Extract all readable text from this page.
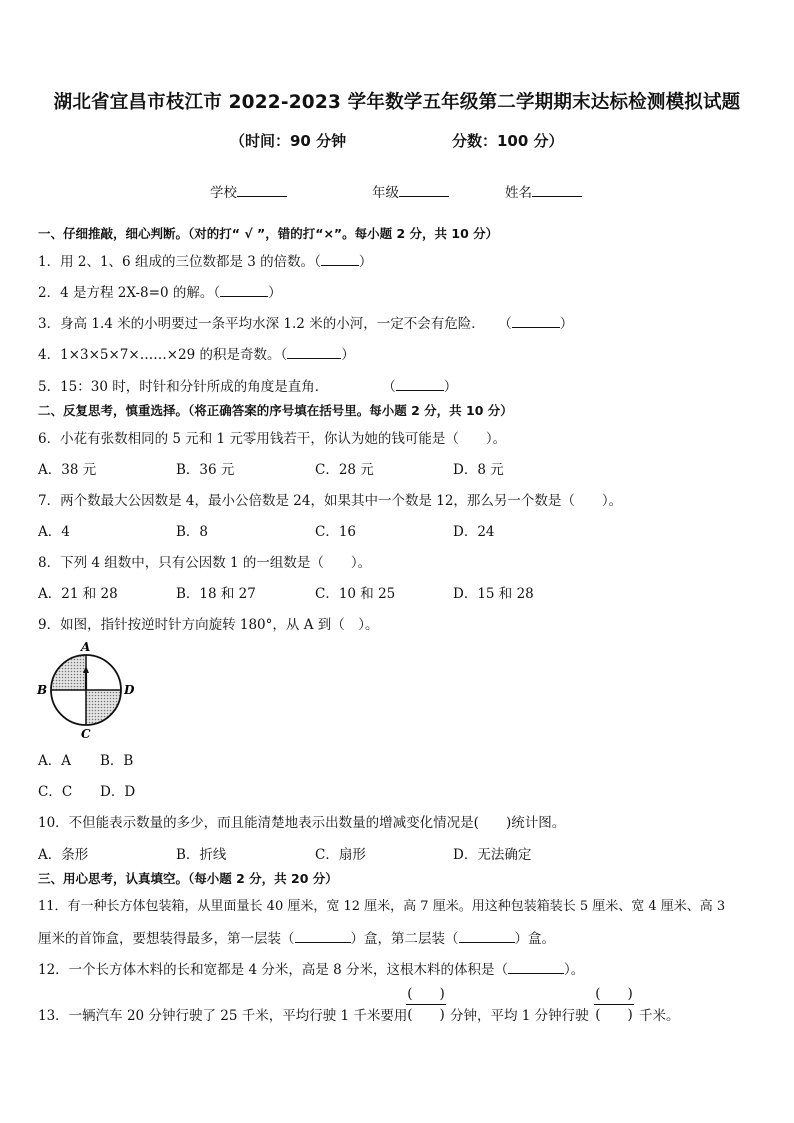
湖北省宜昌市枝江市 2022-2023 学年数学五年级第二学期期末达标检测模拟试题
（时间：90 分钟	分数：100 分）
学校	年级	姓名
一、仔细推敲，细心判断。（对的打“ √ ”，错的打“×”。每小题 2 分，共 10 分）
1．用 2、1、6 组成的三位数都是 3 的倍数。（	）
2．4 是方程 2X-8=0 的解。（	）
3．身高 1.4 米的小明要过一条平均水深 1.2 米的小河，一定不会有危险．　　（	）
4．1×3×5×7×……×29 的积是奇数。（	）
5．15：30 时，时针和分针所成的角度是直角．　　　　　（	）
二、反复思考，慎重选择。（将正确答案的序号填在括号里。每小题 2 分，共 10 分）
6．小花有张数相同的 5 元和 1 元零用钱若干，你认为她的钱可能是（　　）。
A．38 元	B．36 元	C．28 元	D．8 元
7．两个数最大公因数是 4，最小公倍数是 24，如果其中一个数是 12，那么另一个数是（　　）。
A．4	B．8	C．16	D．24
8．下列 4 组数中，只有公因数 1 的一组数是（　　）。
A．21 和 28	B．18 和 27	C．10 和 25	D．15 和 28
9．如图，指针按逆时针方向旋转 180°，从 A 到（　）。
A
B
C
D
A．A B．B
C．C D．D
10．不但能表示数量的多少，而且能清楚地表示出数量的增减变化情况是(　　)统计图。
A．条形	B．折线	C．扇形	D．无法确定
三、用心思考，认真填空。（每小题 2 分，共 20 分）
11．有一种长方体包装箱，从里面量长 40 厘米，宽 12 厘米，高 7 厘米。用这种包装箱装长 5 厘米、宽 4 厘米、高 3
厘米的首饰盒，要想装得最多，第一层装（	）盒，第二层装（	）盒。
12．一个长方体木料的长和宽都是 4 分米，高是 8 分米，这根木料的体积是（	）。
13．一辆汽车 20 分钟行驶了 25 千米，平均行驶 1 千米要用
(　　)
(　　) 分钟，平均 1 分钟行驶
(　　)
(　　) 千米。
